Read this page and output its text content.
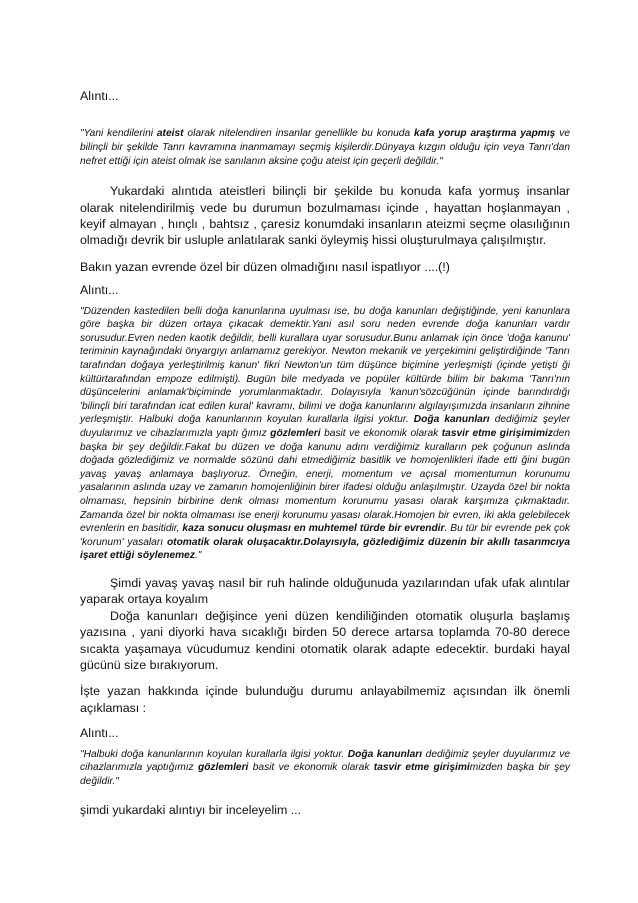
Alıntı...

"Yani kendilerini ateist olarak nitelendiren insanlar genellikle bu konuda kafa yorup araştırma yapmış ve bilinçli bir şekilde Tanrı kavramına inanmamayı seçmiş kişilerdir.Dünyaya kızgın olduğu için veya Tanrı'dan nefret ettiği için ateist olmak ise sanılanın aksine çoğu ateist için geçerli değildir."

Yukardaki alıntıda ateistleri bilinçli bir şekilde bu konuda kafa yormuş insanlar olarak nitelendirilmiş vede bu durumun bozulmaması içinde , hayattan hoşlanmayan , keyif almayan , hınçlı , bahtsız , çaresiz konumdaki insanların ateizmi seçme olasılığının olmadığı devrik bir usluple anlatılarak sanki öyleymiş hissi oluşturulmaya çalışılmıştır.

Bakın yazan evrende özel bir düzen olmadığını nasıl ispatlıyor ....(!)

Alıntı...

"Düzenden kastedilen belli doğa kanunlarına uyulması ise, bu doğa kanunları değiştiğinde, yeni kanunlara göre başka bir düzen ortaya çıkacak demektir.Yani asıl soru neden evrende doğa kanunları vardır sorusudur.Evren neden kaotik değildir, belli kurallara uyar sorusudur.Bunu anlamak için önce 'doğa kanunu' teriminin kaynağındaki önyargıyı anlamamız gerekiyor. Newton mekanik ve yerçekimini geliştirdiğinde 'Tanrı tarafından doğaya yerleştirilmiş kanun' fikri Newton'un tüm düşünce biçimine yerleşmişti (içinde yetişti ği kültürtarafından empoze edilmişti). Bugün bile medyada ve popüler kültürde bilim bir bakıma 'Tanrı'nın düşüncelerini anlamak'biçiminde yorumlanmaktadır. Dolayısıyla 'kanun'sözcüğünün içinde barındırdığı 'bilinçli biri tarafından icat edilen kural' kavramı, bilimi ve doğa kanunlarını algılayışımızda insanların zihnine yerleşmiştir. Halbuki doğa kanunlarının koyulan kurallarla ilgisi yoktur. Doğa kanunları dediğimiz şeyler duyularımız ve cihazlarımızla yaptı ğımız gözlemleri basit ve ekonomik olarak tasvir etme girişimimizden başka bir şey değildir.Fakat bu düzen ve doğa kanunu adını verdiğimiz kuralların pek çoğunun aslında doğada gözlediğimiz ve normalde sözünü dahi etmediğimiz basitlik ve homojenlikleri ifade etti ğini bugün yavaş yavaş anlamaya başlıyoruz. Örneğin, enerji, momentum ve açısal momentumun korunumu yasalarının aslında uzay ve zamanın homojenliğinin birer ifadesi olduğu anlaşılmıştır. Uzayda özel bir nokta olmaması, hepsinin birbirine denk olması momentum korunumu yasası olarak karşımıza çıkmaktadır. Zamanda özel bir nokta olmaması ise enerji korunumu yasası olarak.Homojen bir evren, iki akla gelebilecek evrenlerin en basitidir, kaza sonucu oluşması en muhtemel türde bir evrendir. Bu tür bir evrende pek çok 'korunum' yasaları otomatik olarak oluşacaktır.Dolayısıyla, gözlediğimiz düzenin bir akıllı tasarımcıya işaret ettiği söylenemez."

Şimdi yavaş yavaş nasıl bir ruh halinde olduğunuda yazılarından ufak ufak alıntılar yaparak ortaya koyalım

Doğa kanunları değişince yeni düzen kendiliğinden otomatik oluşurla başlamış yazısına , yani diyorki hava sıcaklığı birden 50 derece artarsa toplamda 70-80 derece sıcakta yaşamaya vücudumuz kendini otomatik olarak adapte edecektir. burdaki hayal gücünü size bırakıyorum.

İşte yazan hakkında içinde bulunduğu durumu anlayabilmemiz açısından ilk önemli açıklaması :

Alıntı...

"Halbuki doğa kanunlarının koyulan kurallarla ilgisi yoktur. Doğa kanunları dediğimiz şeyler duyularımız ve cihazlarımızla yaptığımız gözlemleri basit ve ekonomik olarak tasvir etme girişimimizden başka bir şey değildir."

şimdi yukardaki alıntıyı bir inceleyelim ...
